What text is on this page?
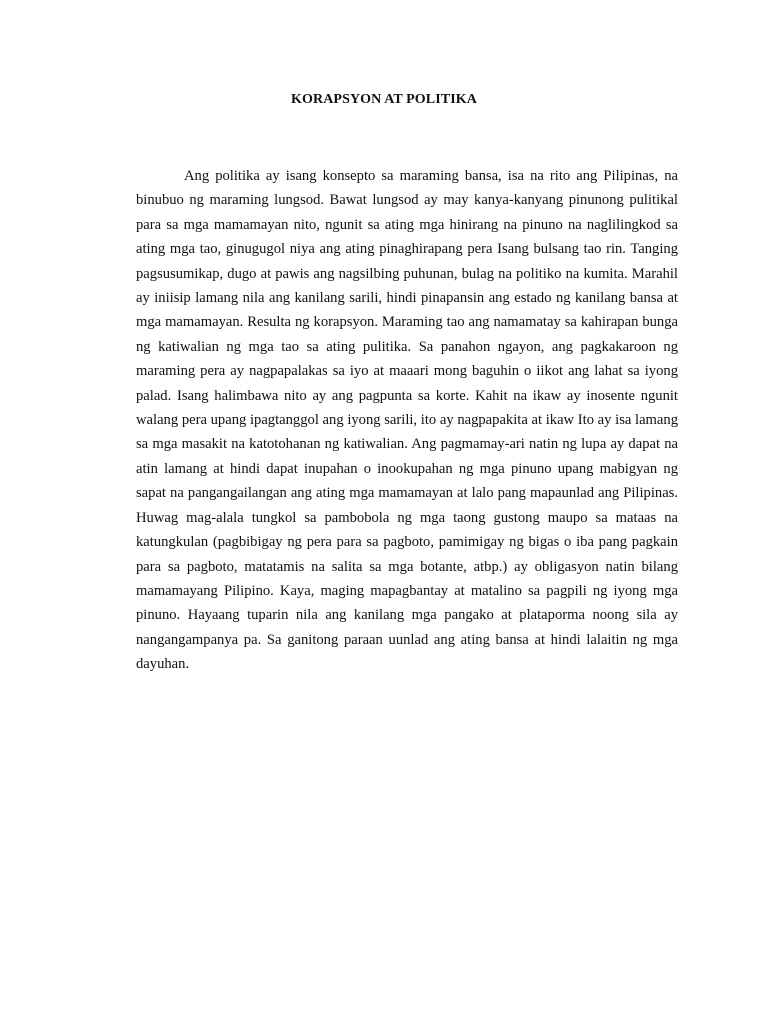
KORAPSYON AT POLITIKA

Ang politika ay isang konsepto sa maraming bansa, isa na rito ang Pilipinas, na binubuo ng maraming lungsod. Bawat lungsod ay may kanya-kanyang pinunong pulitikal para sa mga mamamayan nito, ngunit sa ating mga hinirang na pinuno na naglilingkod sa ating mga tao, ginugugol niya ang ating pinaghirapang pera Isang bulsang tao rin. Tanging pagsusumikap, dugo at pawis ang nagsilbing puhunan, bulag na politiko na kumita. Marahil ay iniisip lamang nila ang kanilang sarili, hindi pinapansin ang estado ng kanilang bansa at mga mamamayan. Resulta ng korapsyon. Maraming tao ang namamatay sa kahirapan bunga ng katiwalian ng mga tao sa ating pulitika. Sa panahon ngayon, ang pagkakaroon ng maraming pera ay nagpapalakas sa iyo at maaari mong baguhin o iikot ang lahat sa iyong palad. Isang halimbawa nito ay ang pagpunta sa korte. Kahit na ikaw ay inosente ngunit walang pera upang ipagtanggol ang iyong sarili, ito ay nagpapakita at ikaw Ito ay isa lamang sa mga masakit na katotohanan ng katiwalian. Ang pagmamay-ari natin ng lupa ay dapat na atin lamang at hindi dapat inupahan o inookupahan ng mga pinuno upang mabigyan ng sapat na pangangailangan ang ating mga mamamayan at lalo pang mapaunlad ang Pilipinas. Huwag mag-alala tungkol sa pambobola ng mga taong gustong maupo sa mataas na katungkulan (pagbibigay ng pera para sa pagboto, pamimigay ng bigas o iba pang pagkain para sa pagboto, matatamis na salita sa mga botante, atbp.) ay obligasyon natin bilang mamamayang Pilipino. Kaya, maging mapagbantay at matalino sa pagpili ng iyong mga pinuno. Hayaang tuparin nila ang kanilang mga pangako at plataporma noong sila ay nangangampanya pa. Sa ganitong paraan uunlad ang ating bansa at hindi lalaitin ng mga dayuhan.
